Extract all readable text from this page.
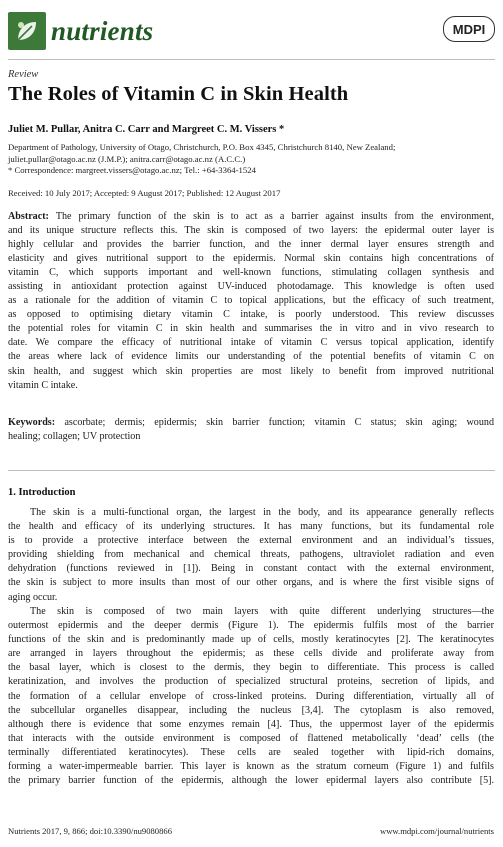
nutrients	MDPI
Review
The Roles of Vitamin C in Skin Health
Juliet M. Pullar, Anitra C. Carr and Margreet C. M. Vissers *
Department of Pathology, University of Otago, Christchurch, P.O. Box 4345, Christchurch 8140, New Zealand;
juliet.pullar@otago.ac.nz (J.M.P.); anitra.carr@otago.ac.nz (A.C.C.)
* Correspondence: margreet.vissers@otago.ac.nz; Tel.: +64-3364-1524
Received: 10 July 2017; Accepted: 9 August 2017; Published: 12 August 2017
Abstract: The primary function of the skin is to act as a barrier against insults from the environment,
and its unique structure reflects this. The skin is composed of two layers: the epidermal outer layer is
highly cellular and provides the barrier function, and the inner dermal layer ensures strength and
elasticity and gives nutritional support to the epidermis. Normal skin contains high concentrations of
vitamin C, which supports important and well-known functions, stimulating collagen synthesis and
assisting in antioxidant protection against UV-induced photodamage. This knowledge is often used
as a rationale for the addition of vitamin C to topical applications, but the efficacy of such treatment,
as opposed to optimising dietary vitamin C intake, is poorly understood. This review discusses
the potential roles for vitamin C in skin health and summarises the in vitro and in vivo research to
date. We compare the efficacy of nutritional intake of vitamin C versus topical application, identify
the areas where lack of evidence limits our understanding of the potential benefits of vitamin C on
skin health, and suggest which skin properties are most likely to benefit from improved nutritional
vitamin C intake.
Keywords: ascorbate; dermis; epidermis; skin barrier function; vitamin C status; skin aging; wound
healing; collagen; UV protection
1. Introduction
The skin is a multi-functional organ, the largest in the body, and its appearance generally reflects
the health and efficacy of its underlying structures. It has many functions, but its fundamental role
is to provide a protective interface between the external environment and an individual’s tissues,
providing shielding from mechanical and chemical threats, pathogens, ultraviolet radiation and even
dehydration (functions reviewed in [1]). Being in constant contact with the external environment,
the skin is subject to more insults than most of our other organs, and is where the first visible signs of
aging occur.
The skin is composed of two main layers with quite different underlying structures—the
outermost epidermis and the deeper dermis (Figure 1). The epidermis fulfils most of the barrier
functions of the skin and is predominantly made up of cells, mostly keratinocytes [2]. The keratinocytes
are arranged in layers throughout the epidermis; as these cells divide and proliferate away from
the basal layer, which is closest to the dermis, they begin to differentiate. This process is called
keratinization, and involves the production of specialized structural proteins, secretion of lipids, and
the formation of a cellular envelope of cross-linked proteins. During differentiation, virtually all of
the subcellular organelles disappear, including the nucleus [3,4]. The cytoplasm is also removed,
although there is evidence that some enzymes remain [4]. Thus, the uppermost layer of the epidermis
that interacts with the outside environment is composed of flattened metabolically ‘dead’ cells (the
terminally differentiated keratinocytes). These cells are sealed together with lipid-rich domains,
forming a water-impermeable barrier. This layer is known as the stratum corneum (Figure 1) and fulfils
the primary barrier function of the epidermis, although the lower epidermal layers also contribute [5].
Nutrients 2017, 9, 866; doi:10.3390/nu9080866	www.mdpi.com/journal/nutrients
